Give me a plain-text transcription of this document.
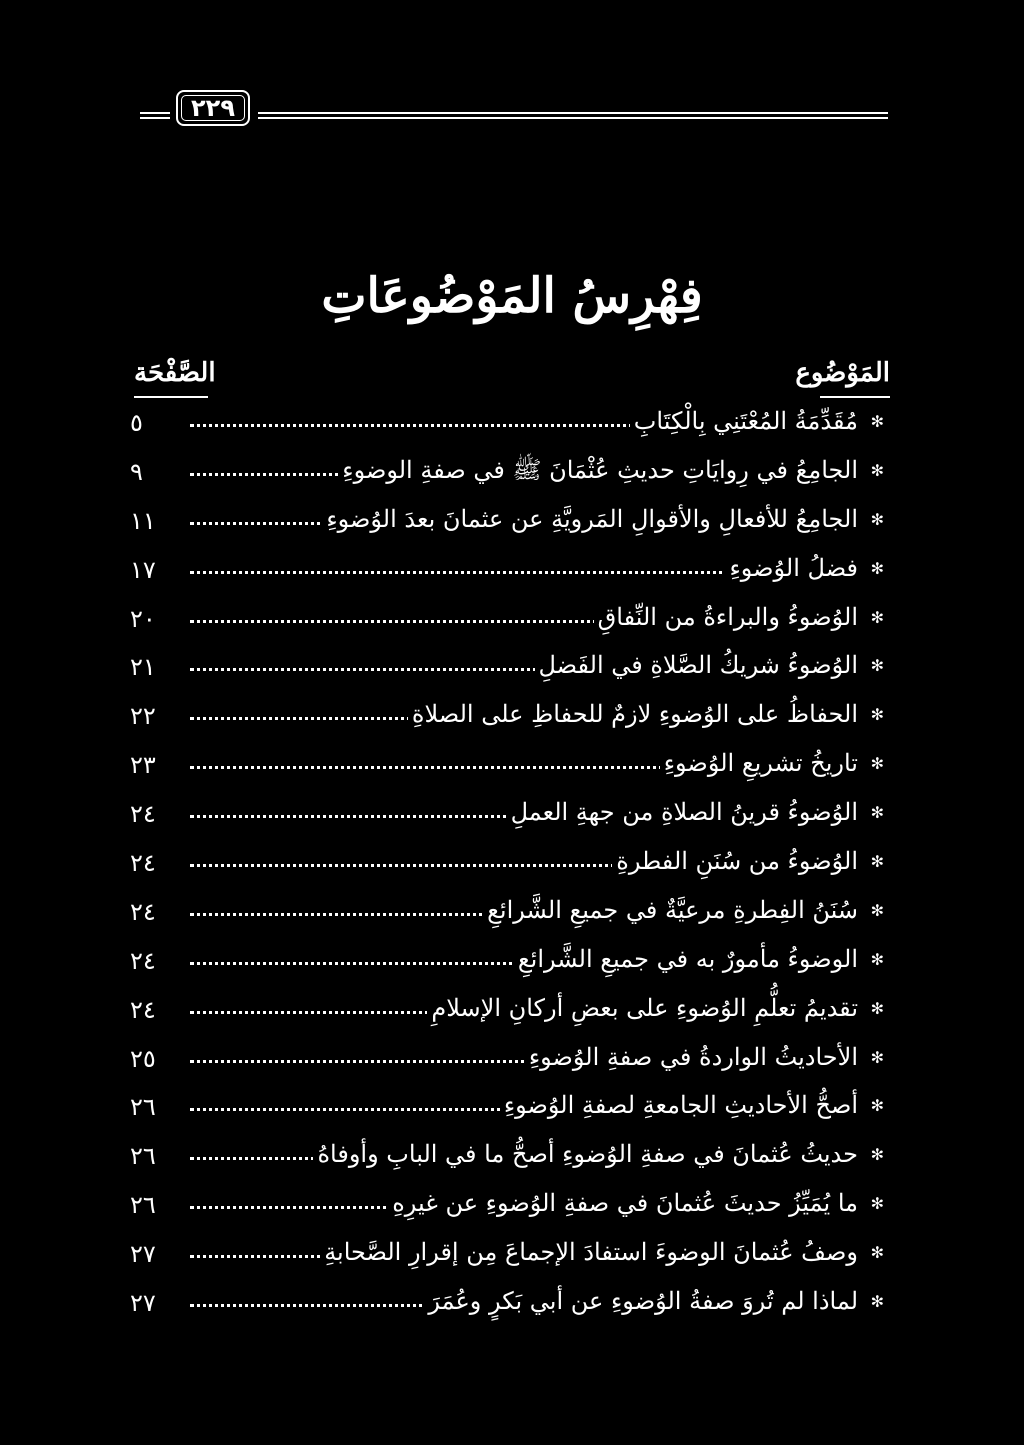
٢٢٩
فِهْرِسُ المَوْضُوعَاتِ
المَوْضُوع
الصَّفْحَة
✻
مُقَدِّمَةُ المُعْتَنِي بِالْكِتَابِ
٥
✻
الجامِعُ في رِوايَاتِ حديثِ عُثْمَانَ ﷺ في صفةِ الوضوءِ
٩
✻
الجامِعُ للأفعالِ والأقوالِ المَرويَّةِ عن عثمانَ بعدَ الوُضوءِ
١١
✻
فضلُ الوُضوءِ
١٧
✻
الوُضوءُ والبراءةُ من النِّفاقِ
٢٠
✻
الوُضوءُ شريكُ الصَّلاةِ في الفَضلِ
٢١
✻
الحفاظُ على الوُضوءِ لازمٌ للحفاظِ على الصلاةِ
٢٢
✻
تاريخُ تشريعِ الوُضوءِ
٢٣
✻
الوُضوءُ قرينُ الصلاةِ من جهةِ العملِ
٢٤
✻
الوُضوءُ من سُنَنِ الفطرةِ
٢٤
✻
سُنَنُ الفِطرةِ مرعيَّةٌ في جميعِ الشَّرائعِ
٢٤
✻
الوضوءُ مأمورٌ به في جميعِ الشَّرائعِ
٢٤
✻
تقديمُ تعلُّمِ الوُضوءِ على بعضِ أركانِ الإسلامِ
٢٤
✻
الأحاديثُ الواردةُ في صفةِ الوُضوءِ
٢٥
✻
أصحُّ الأحاديثِ الجامعةِ لصفةِ الوُضوءِ
٢٦
✻
حديثُ عُثمانَ في صفةِ الوُضوءِ أصحُّ ما في البابِ وأوفاهُ
٢٦
✻
ما يُمَيِّزُ حديثَ عُثمانَ في صفةِ الوُضوءِ عن غيرِهِ
٢٦
✻
وصفُ عُثمانَ الوضوءَ استفادَ الإجماعَ مِن إقرارِ الصَّحابةِ
٢٧
✻
لماذا لم تُروَ صفةُ الوُضوءِ عن أبي بَكرٍ وعُمَرَ
٢٧
